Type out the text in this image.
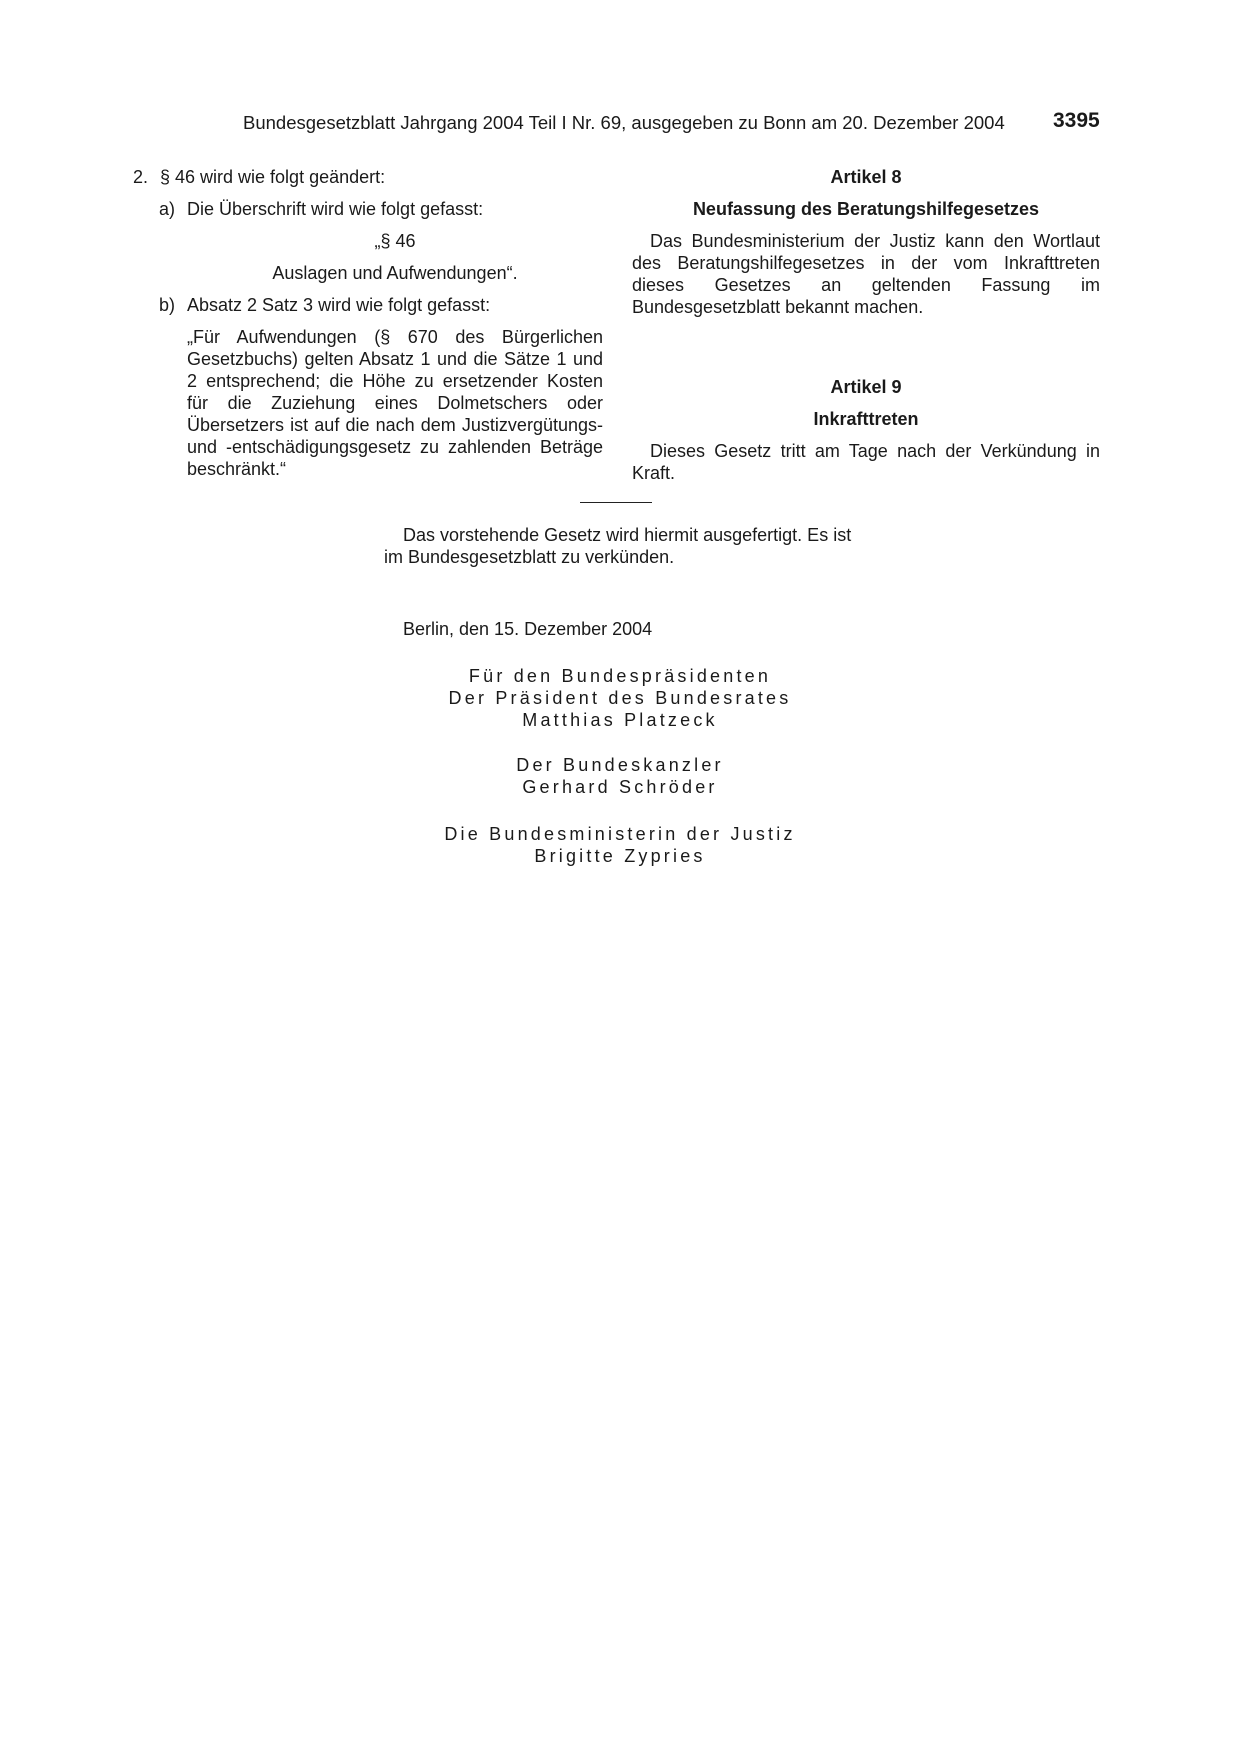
Bundesgesetzblatt Jahrgang 2004 Teil I Nr. 69, ausgegeben zu Bonn am 20. Dezember 2004	3395
2. § 46 wird wie folgt geändert:
a) Die Überschrift wird wie folgt gefasst:
„§ 46
Auslagen und Aufwendungen“.
b) Absatz 2 Satz 3 wird wie folgt gefasst:

„Für Aufwendungen (§ 670 des Bürgerlichen Gesetzbuchs) gelten Absatz 1 und die Sätze 1 und 2 entsprechend; die Höhe zu ersetzender Kosten für die Zuziehung eines Dolmetschers oder Übersetzers ist auf die nach dem Justizvergütungs- und -entschädigungsgesetz zu zahlenden Beträge beschränkt.“

Artikel 8

Neufassung des Beratungshilfegesetzes

Das Bundesministerium der Justiz kann den Wortlaut des Beratungshilfegesetzes in der vom Inkrafttreten dieses Gesetzes an geltenden Fassung im Bundesgesetzblatt bekannt machen.

Artikel 9

Inkrafttreten

Dieses Gesetz tritt am Tage nach der Verkündung in Kraft.

Das vorstehende Gesetz wird hiermit ausgefertigt. Es ist im Bundesgesetzblatt zu verkünden.

Berlin, den 15. Dezember 2004
Für den Bundespräsidenten
Der Präsident des Bundesrates
Matthias Platzeck
Der Bundeskanzler
Gerhard Schröder
Die Bundesministerin der Justiz
Brigitte Zypries
